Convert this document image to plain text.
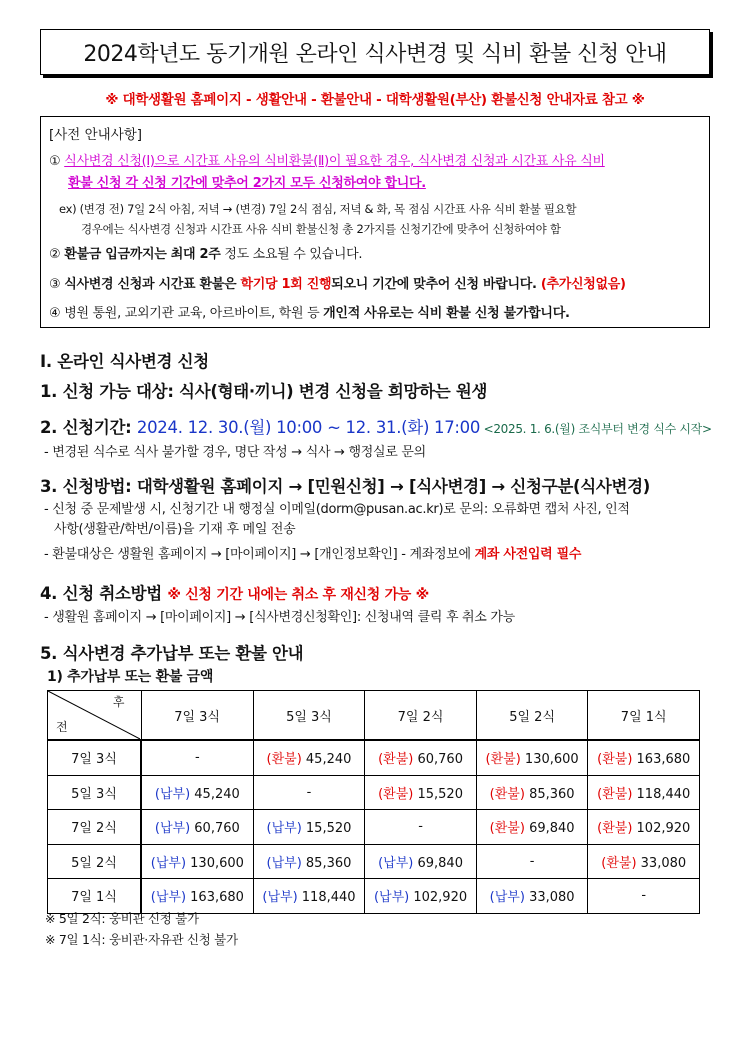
2024학년도 동기개원 온라인 식사변경 및 식비 환불 신청 안내
※ 대학생활원 홈페이지 - 생활안내 - 환불안내 - 대학생활원(부산) 환불신청 안내자료 참고 ※
[사전 안내사항]
① 식사변경 신청(Ⅰ)으로 시간표 사유의 식비환불(Ⅱ)이 필요한 경우, 식사변경 신청과 시간표 사유 식비
환불 신청 각 신청 기간에 맞추어 2가지 모두 신청하여야 합니다.
ex) (변경 전) 7일 2식 아침, 저녁 → (변경) 7일 2식 점심, 저녁 & 화, 목 점심 시간표 사유 식비 환불 필요할
경우에는 식사변경 신청과 시간표 사유 식비 환불신청 총 2가지를 신청기간에 맞추어 신청하여야 함
② 환불금 입금까지는 최대 2주 정도 소요될 수 있습니다.
③ 식사변경 신청과 시간표 환불은 학기당 1회 진행되오니 기간에 맞추어 신청 바랍니다. (추가신청없음)
④ 병원 통원, 교외기관 교육, 아르바이트, 학원 등 개인적 사유로는 식비 환불 신청 불가합니다.
Ⅰ. 온라인 식사변경 신청
1. 신청 가능 대상: 식사(형태·끼니) 변경 신청을 희망하는 원생
2. 신청기간: 2024. 12. 30.(월) 10:00 ~ 12. 31.(화) 17:00 <2025. 1. 6.(월) 조식부터 변경 식수 시작>
- 변경된 식수로 식사 불가할 경우, 명단 작성 → 식사 → 행정실로 문의
3. 신청방법: 대학생활원 홈페이지 → [민원신청] → [식사변경] → 신청구분(식사변경)
- 신청 중 문제발생 시, 신청기간 내 행정실 이메일(dorm@pusan.ac.kr)로 문의: 오류화면 캡처 사진, 인적
사항(생활관/학번/이름)을 기재 후 메일 전송
- 환불대상은 생활원 홈페이지 → [마이페이지] → [개인정보확인] - 계좌정보에 계좌 사전입력 필수
4. 신청 취소방법 ※ 신청 기간 내에는 취소 후 재신청 가능 ※
- 생활원 홈페이지 → [마이페이지] → [식사변경신청확인]: 신청내역 클릭 후 취소 가능
5. 식사변경 추가납부 또는 환불 안내
1) 추가납부 또는 환불 금액
후
전	7일 3식	5일 3식	7일 2식	5일 2식	7일 1식
7일 3식	-	(환불) 45,240	(환불) 60,760	(환불) 130,600	(환불) 163,680
5일 3식	(납부) 45,240	-	(환불) 15,520	(환불) 85,360	(환불) 118,440
7일 2식	(납부) 60,760	(납부) 15,520	-	(환불) 69,840	(환불) 102,920
5일 2식	(납부) 130,600	(납부) 85,360	(납부) 69,840	-	(환불) 33,080
7일 1식	(납부) 163,680	(납부) 118,440	(납부) 102,920	(납부) 33,080	-
※ 5일 2식: 웅비관 신청 불가
※ 7일 1식: 웅비관·자유관 신청 불가
